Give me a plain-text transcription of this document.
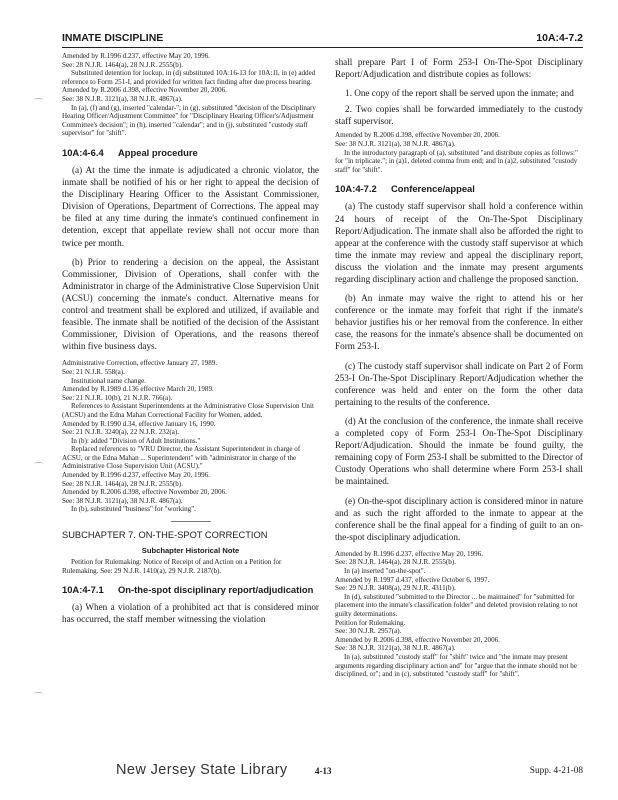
INMATE DISCIPLINE	10A:4-7.2
Amended by R.1996 d.237, effective May 20, 1996.
See: 28 N.J.R. 1464(a), 28 N.J.R. 2555(b).
Substituted detention for lockup, in (d) substituted 10A:16-13 for 10A:1l, in (e) added reference to Form 251-I, and provided for written fact finding after due process hearing.
Amended by R.2006 d.398, effective November 20, 2006.
See: 38 N.J.R. 3121(a), 38 N.J.R. 4867(a).
In (a), (f) and (g), inserted "calendar-"; in (g), substituted "decision of the Disciplinary Hearing Officer/Adjustment Committee" for "Disciplinary Hearing Officer's/Adjustment Committee's decision"; in (h), inserted "calendar"; and in (j), substituted "custody staff supervisor" for "shift".
10A:4-6.4 Appeal procedure

(a) At the time the inmate is adjudicated a chronic violator, the inmate shall be notified of his or her right to appeal the decision of the Disciplinary Hearing Officer to the Assistant Commissioner, Division of Operations, Department of Corrections. The appeal may be filed at any time during the inmate's continued confinement in detention, except that appellate review shall not occur more than twice per month.

(b) Prior to rendering a decision on the appeal, the Assistant Commissioner, Division of Operations, shall confer with the Administrator in charge of the Administrative Close Supervision Unit (ACSU) concerning the inmate's conduct. Alternative means for control and treatment shall be explored and utilized, if available and feasible. The inmate shall be notified of the decision of the Assistant Commissioner, Division of Operations, and the reasons thereof within five business days.

Administrative Correction, effective January 27, 1989.
See: 21 N.J.R. 558(a).
Institutional name change.
Amended by R.1989 d.136 effective March 20, 1989.
See: 21 N.J.R. 10(b), 21 N.J.R. 766(a).
References to Assistant Superintendents at the Administrative Close Supervision Unit (ACSU) and the Edna Mahan Correctional Facility for Women, added.
Amended by R.1990 d.34, effective January 16, 1990.
See: 21 N.J.R. 3240(a), 22 N.J.R. 232(a).
In (b): added "Division of Adult Institutions."
Replaced references to "VRU Director, the Assistant Superintendent in charge of ACSU, or the Edna Mahan ... Superintendent" with "administrator in charge of the Administrative Close Supervision Unit (ACSU)."
Amended by R.1996 d.237, effective May 20, 1996.
See: 28 N.J.R. 1464(a), 28 N.J.R. 2555(b).
Amended by R.2006 d.398, effective November 20, 2006.
See: 38 N.J.R. 3121(a), 38 N.J.R. 4867(a).
In (b), substituted "business" for "working".
SUBCHAPTER 7. ON-THE-SPOT CORRECTION
Subchapter Historical Note
Petition for Rulemaking: Notice of Receipt of and Action on a Petition for Rulemaking. See: 29 N.J.R. 1410(a), 29 N.J.R. 2187(b).
10A:4-7.1 On-the-spot disciplinary report/adjudication

(a) When a violation of a prohibited act that is considered minor has occurred, the staff member witnessing the violation

shall prepare Part I of Form 253-I On-The-Spot Disciplinary Report/Adjudication and distribute copies as follows:

1. One copy of the report shall be served upon the inmate; and

2. Two copies shall be forwarded immediately to the custody staff supervisor.

Amended by R.2006 d.398, effective November 20, 2006.
See: 38 N.J.R. 3121(a), 38 N.J.R. 4867(a).
In the introductory paragraph of (a), substituted "and distribute copies as follows:" for "in triplicate."; in (a)1, deleted comma from end; and in (a)2, substituted "custody staff" for "shift".
10A:4-7.2 Conference/appeal

(a) The custody staff supervisor shall hold a conference within 24 hours of receipt of the On-The-Spot Disciplinary Report/Adjudication. The inmate shall also be afforded the right to appear at the conference with the custody staff supervisor at which time the inmate may review and appeal the disciplinary report, discuss the violation and the inmate may present arguments regarding disciplinary action and challenge the proposed sanction.

(b) An inmate may waive the right to attend his or her conference or the inmate may forfeit that right if the inmate's behavior justifies his or her removal from the conference. In either case, the reasons for the inmate's absence shall be documented on Form 253-I.

(c) The custody staff supervisor shall indicate on Part 2 of Form 253-I On-The-Spot Disciplinary Report/Adjudication whether the conference was held and enter on the form the other data pertaining to the results of the conference.

(d) At the conclusion of the conference, the inmate shall receive a completed copy of Form 253-I On-The-Spot Disciplinary Report/Adjudication. Should the inmate be found guilty, the remaining copy of Form 253-I shall be submitted to the Director of Custody Operations who shall determine where Form 253-I shall be maintained.

(e) On-the-spot disciplinary action is considered minor in nature and as such the right afforded to the inmate to appear at the conference shall be the final appeal for a finding of guilt to an on-the-spot disciplinary adjudication.

Amended by R.1996 d.237, effective May 20, 1996.
See: 28 N.J.R. 1464(a), 28 N.J.R. 2555(b).
In (a) inserted "on-the-spot".
Amended by R.1997 d.437, effective October 6, 1997.
See: 29 N.J.R. 3408(a), 29 N.J.R. 4311(b).
In (d), substituted "submitted to the Director ... be maintained" for "submitted for placement into the inmate's classification folder" and deleted provision relating to not guilty determinations.
Petition for Rulemaking.
See: 30 N.J.R. 2957(a).
Amended by R.2006 d.398, effective November 20, 2006.
See: 38 N.J.R. 3121(a), 38 N.J.R. 4867(a).
In (a), substituted "custody staff" for "shift" twice and "the inmate may present arguments regarding disciplinary action and" for "argue that the inmate should not be disciplined, or"; and in (c), substituted "custody staff" for "shift".
⌒
⌒
⌒
New Jersey State Library	4-13	Supp. 4-21-08
